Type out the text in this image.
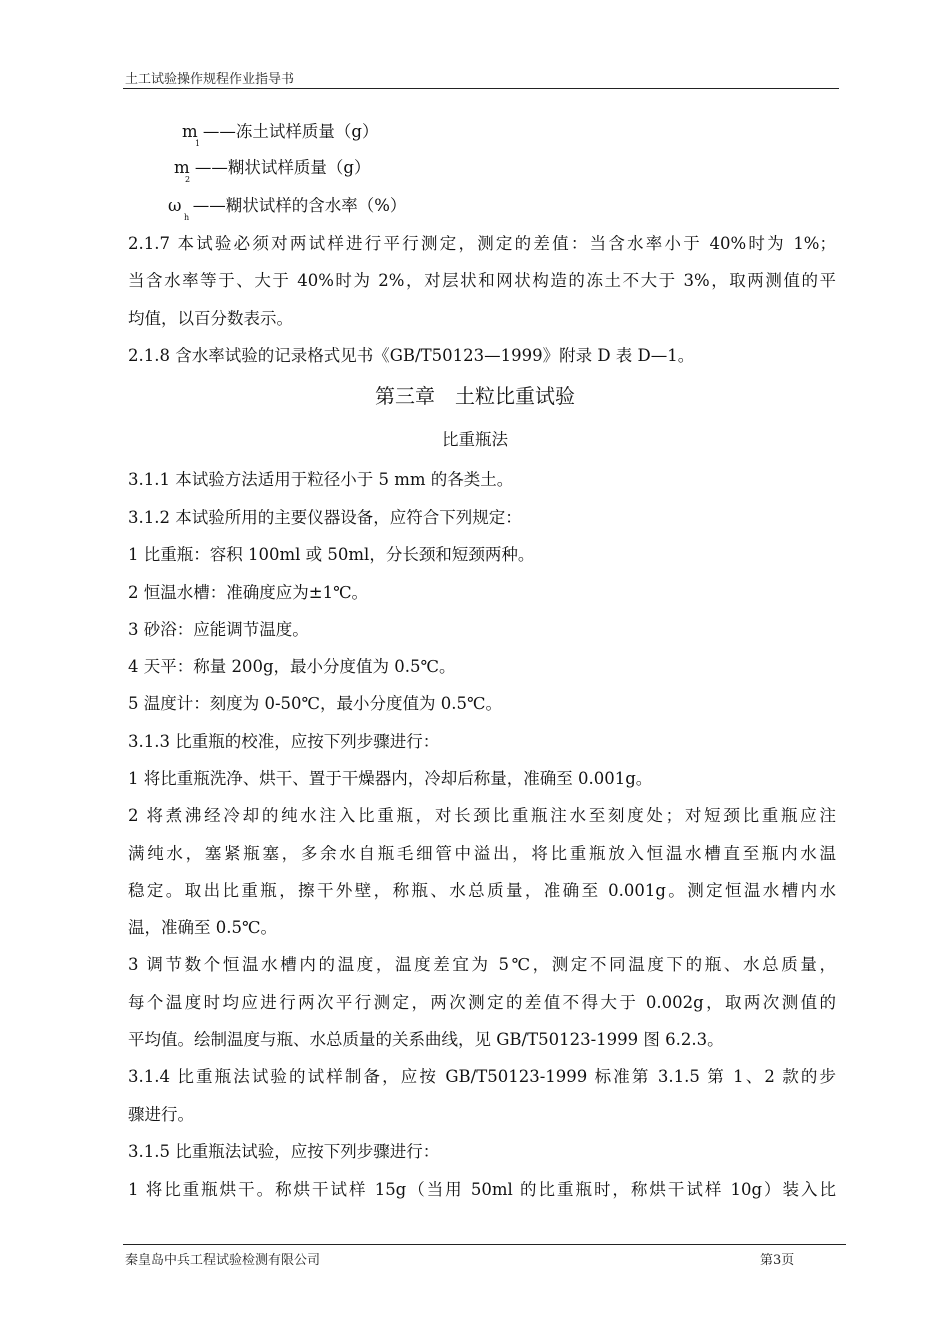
土工试验操作规程作业指导书
m
1
——冻土试样质量（g）
m
2
——糊状试样质量（g）
ω
h
——糊状试样的含水率（%）
2.1.7 本试验必须对两试样进行平行测定，测定的差值：当含水率小于 40%时为 1%；
当含水率等于、大于 40%时为 2%，对层状和网状构造的冻土不大于 3%，取两测值的平
均值，以百分数表示。
2.1.8 含水率试验的记录格式见书《GB/T50123—1999》附录 D 表 D—1。
第三章　土粒比重试验
比重瓶法
3.1.1 本试验方法适用于粒径小于 5 mm 的各类土。
3.1.2 本试验所用的主要仪器设备，应符合下列规定：
1 比重瓶：容积 100ml 或 50ml，分长颈和短颈两种。
2 恒温水槽：准确度应为±1℃。
3 砂浴：应能调节温度。
4 天平：称量 200g，最小分度值为 0.5℃。
5 温度计：刻度为 0-50℃，最小分度值为 0.5℃。
3.1.3 比重瓶的校准，应按下列步骤进行：
1 将比重瓶洗净、烘干、置于干燥器内，冷却后称量，准确至 0.001g。
2 将煮沸经冷却的纯水注入比重瓶，对长颈比重瓶注水至刻度处；对短颈比重瓶应注
满纯水，塞紧瓶塞，多余水自瓶毛细管中溢出，将比重瓶放入恒温水槽直至瓶内水温
稳定。取出比重瓶，擦干外壁，称瓶、水总质量，准确至 0.001g。测定恒温水槽内水
温，准确至 0.5℃。
3 调节数个恒温水槽内的温度，温度差宜为 5℃，测定不同温度下的瓶、水总质量，
每个温度时均应进行两次平行测定，两次测定的差值不得大于 0.002g，取两次测值的
平均值。绘制温度与瓶、水总质量的关系曲线，见 GB/T50123-1999 图 6.2.3。
3.1.4 比重瓶法试验的试样制备，应按 GB/T50123-1999 标准第 3.1.5 第 1、2 款的步
骤进行。
3.1.5 比重瓶法试验，应按下列步骤进行：
1 将比重瓶烘干。称烘干试样 15g（当用 50ml 的比重瓶时，称烘干试样 10g）装入比
秦皇岛中兵工程试验检测有限公司	第3页
